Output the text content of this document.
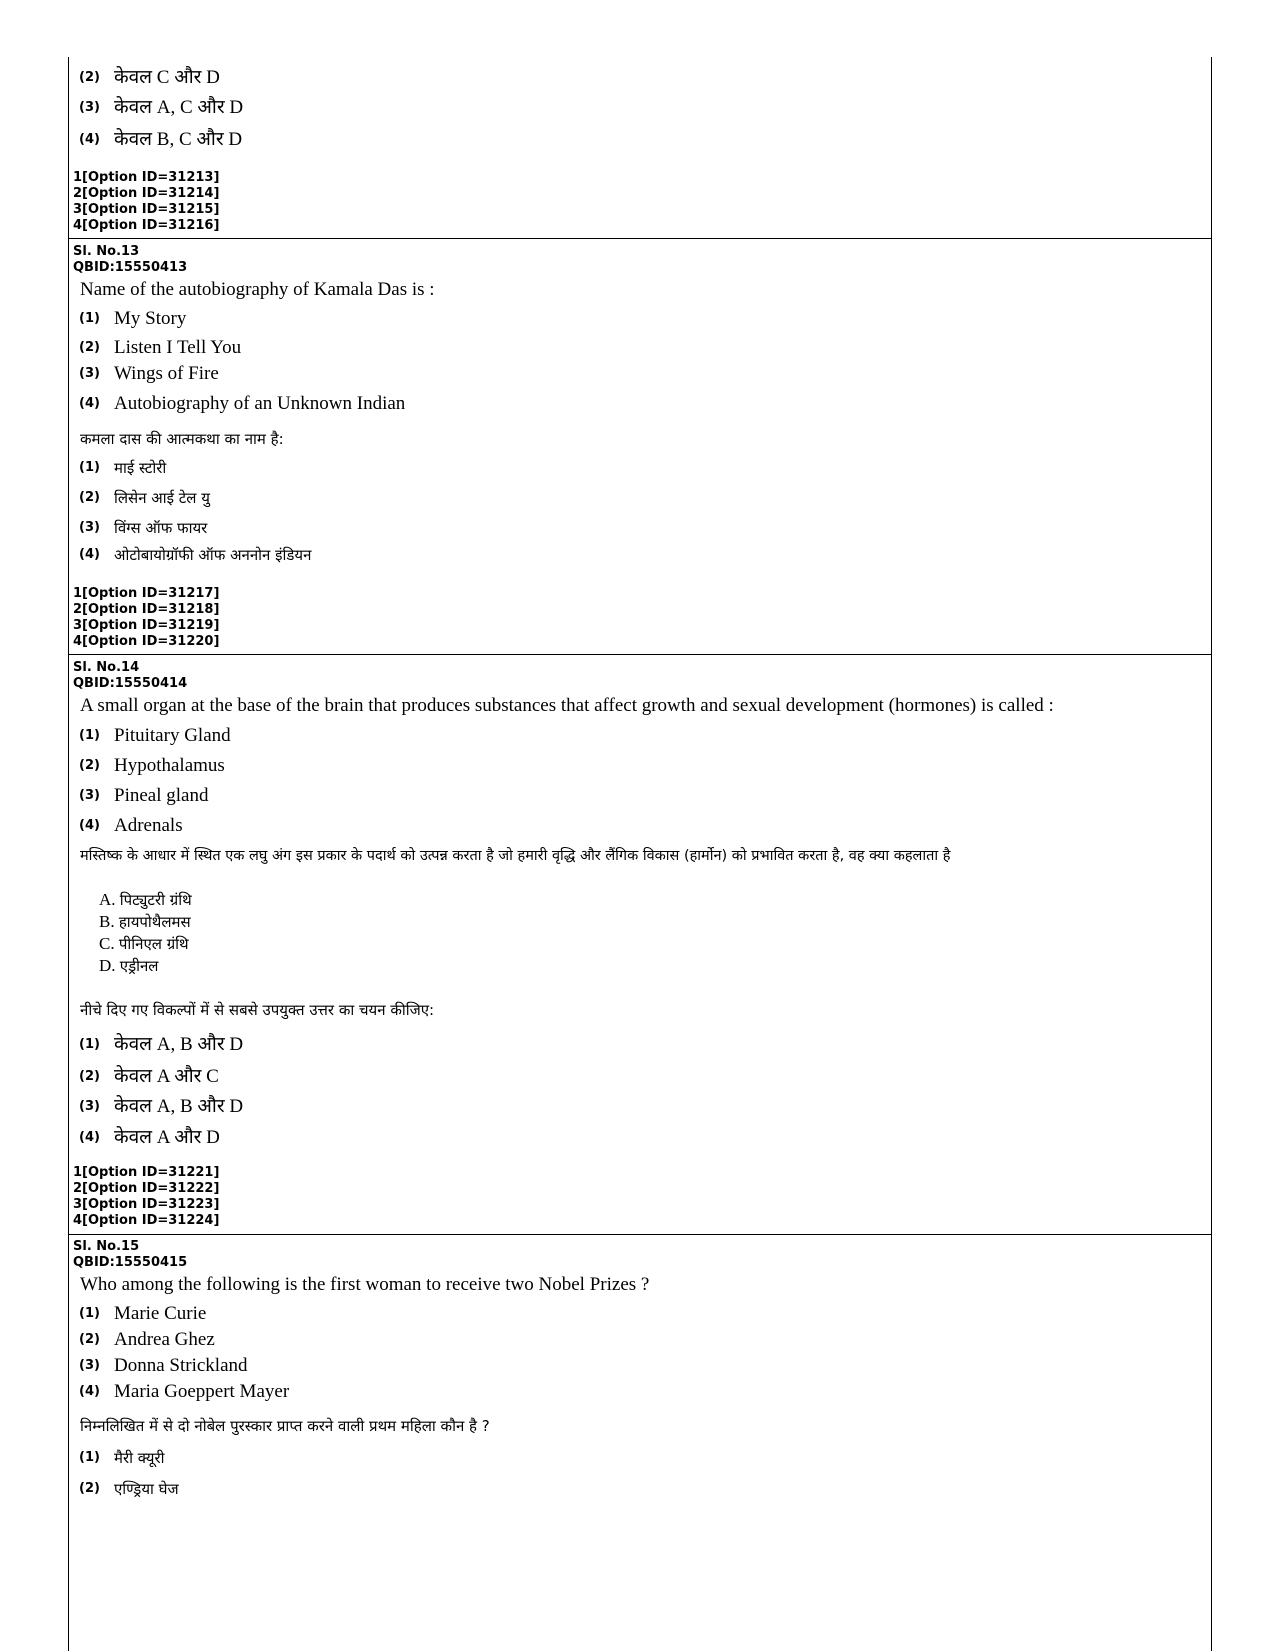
(2) केवल C और D
(3) केवल A, C और D
(4) केवल B, C और D
1[Option ID=31213]
2[Option ID=31214]
3[Option ID=31215]
4[Option ID=31216]
Sl. No.13
QBID:15550413
Name of the autobiography of Kamala Das is :
(1) My Story
(2) Listen I Tell You
(3) Wings of Fire
(4) Autobiography of an Unknown Indian
कमला दास की आत्मकथा का नाम है:
(1) माई स्टोरी
(2) लिसेन आई टेल यु
(3) विंग्स ऑफ फायर
(4) ओटोबायोग्रॉफी ऑफ अननोन इंडियन
1[Option ID=31217]
2[Option ID=31218]
3[Option ID=31219]
4[Option ID=31220]
Sl. No.14
QBID:15550414
A small organ at the base of the brain that produces substances that affect growth and sexual development (hormones) is called :
(1) Pituitary Gland
(2) Hypothalamus
(3) Pineal gland
(4) Adrenals
मस्तिष्क के आधार में स्थित एक लघु अंग इस प्रकार के पदार्थ को उत्पन्न करता है जो हमारी वृद्धि और लैंगिक विकास (हार्मोन) को प्रभावित करता है, वह क्या कहलाता है
A. पिट्युटरी ग्रंथि
B. हायपोथैलमस
C. पीनिएल ग्रंथि
D. एड्रीनल
नीचे दिए गए विकल्पों में से सबसे उपयुक्त उत्तर का चयन कीजिए:
(1) केवल A, B और D
(2) केवल A और C
(3) केवल A, B और D
(4) केवल A और D
1[Option ID=31221]
2[Option ID=31222]
3[Option ID=31223]
4[Option ID=31224]
Sl. No.15
QBID:15550415
Who among the following is the first woman to receive two Nobel Prizes ?
(1) Marie Curie
(2) Andrea Ghez
(3) Donna Strickland
(4) Maria Goeppert Mayer
निम्नलिखित में से दो नोबेल पुरस्कार प्राप्त करने वाली प्रथम महिला कौन है ?
(1) मैरी क्यूरी
(2) एण्ड्रिया घेज
